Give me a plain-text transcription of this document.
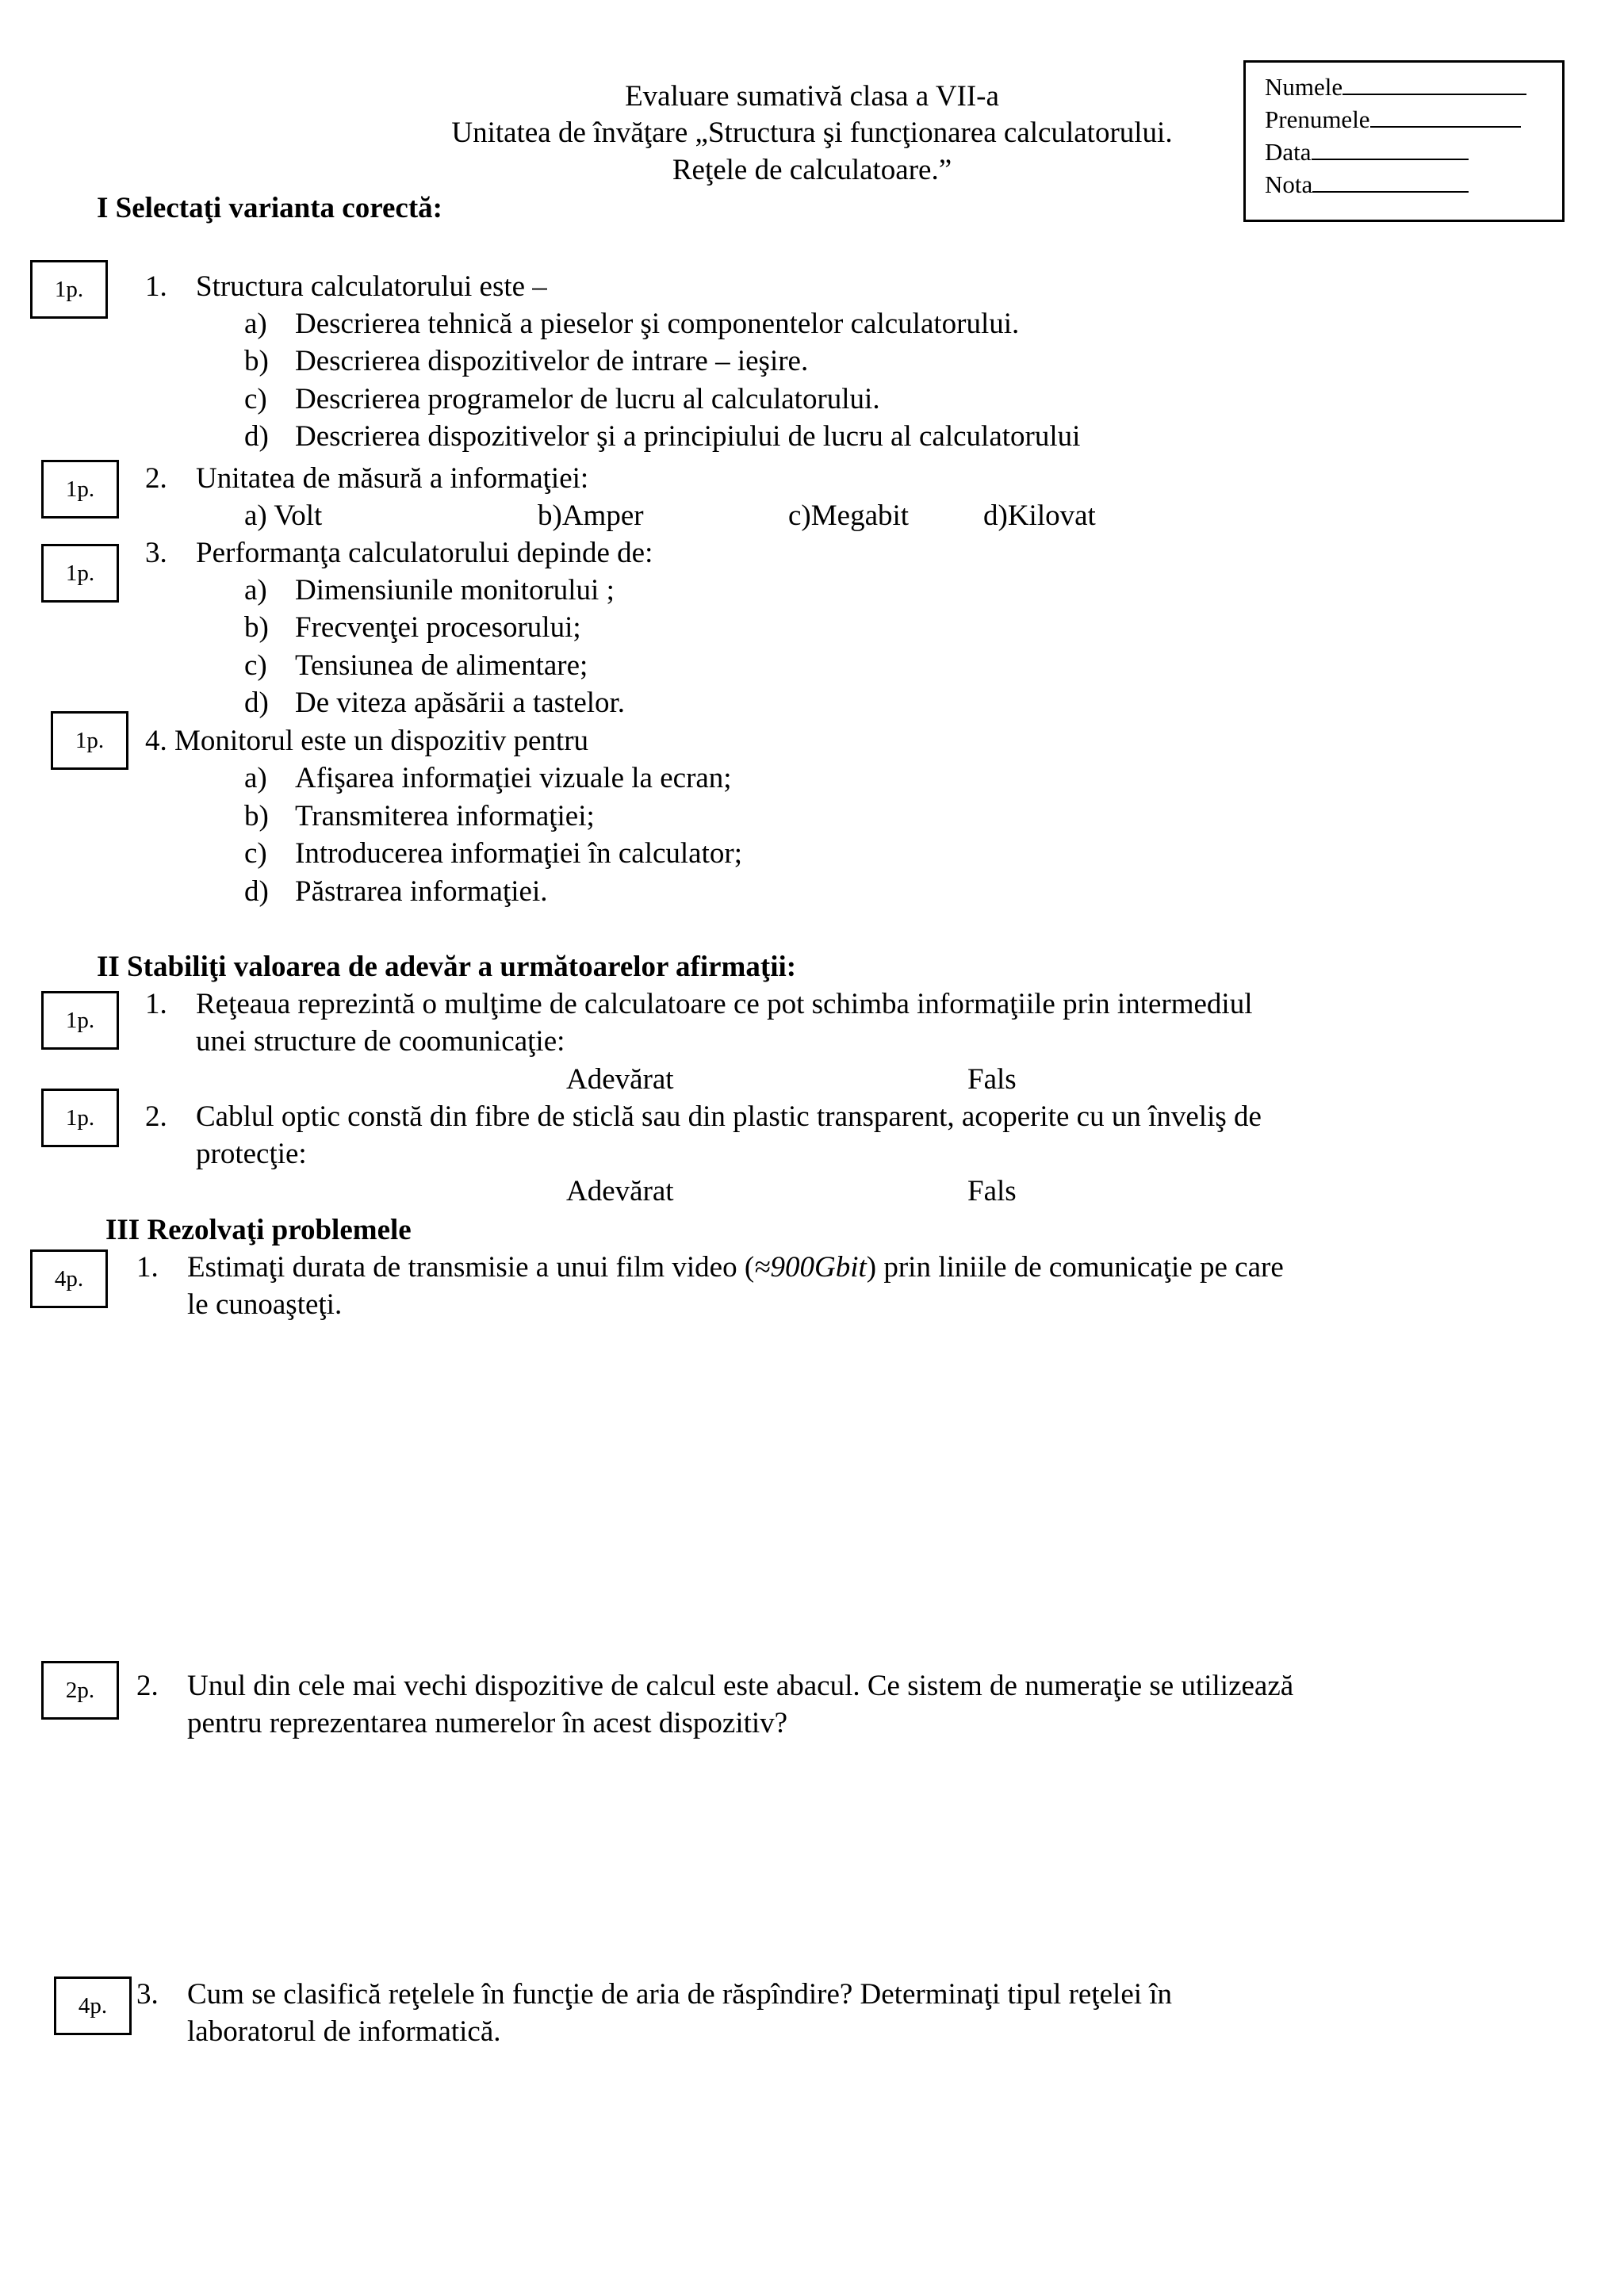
Evaluare sumativă clasa a VII-a
Unitatea de învăţare „Structura şi funcţionarea calculatorului.
Reţele de calculatoare.”
Numele
Prenumele
Data
Nota
I Selectaţi varianta corectă:
1p.	1. Structura calculatorului este –
a) Descrierea tehnică a pieselor şi componentelor calculatorului.
b) Descrierea dispozitivelor de intrare – ieşire.
c) Descrierea programelor de lucru al calculatorului.
d) Descrierea dispozitivelor şi a principiului de lucru al calculatorului
1p.	2. Unitatea de măsură a informaţiei:
a) Volt	b)Amper	c)Megabit	d)Kilovat
1p.
3. Performanţa calculatorului depinde de:
a) Dimensiunile monitorului ;
b) Frecvenţei procesorului;
c) Tensiunea de alimentare;
d) De viteza apăsării a tastelor.
1p.	4. Monitorul este un dispozitiv pentru
a) Afişarea informaţiei vizuale la ecran;
b) Transmiterea informaţiei;
c) Introducerea informaţiei în calculator;
d) Păstrarea informaţiei.
II Stabiliţi valoarea de adevăr a următoarelor afirmaţii:
1p.	1. Reţeaua reprezintă o mulţime de calculatoare ce pot schimba informaţiile prin intermediul
unei structure de coomunicaţie:
Adevărat	Fals
1p.	2. Cablul optic constă din fibre de sticlă sau din plastic transparent, acoperite cu un înveliş de
protecţie:
Adevărat	Fals
III Rezolvaţi problemele
4p.	1. Estimaţi durata de transmisie a unui film video (≈900Gbit) prin liniile de comunicaţie pe care
le cunoaşteţi.
2p.	2. Unul din cele mai vechi dispozitive de calcul este abacul. Ce sistem de numeraţie se utilizează
pentru reprezentarea numerelor în acest dispozitiv?
4p. 3. Cum se clasifică reţelele în funcţie de aria de răspîndire? Determinaţi tipul reţelei în
laboratorul de informatică.
